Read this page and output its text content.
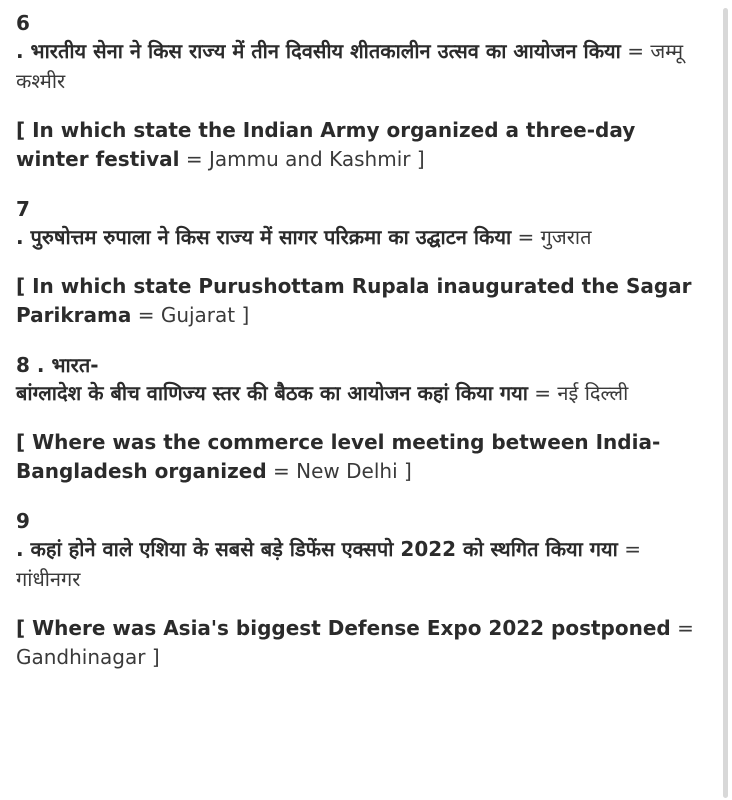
6
. भारतीय सेना ने किस राज्य में तीन दिवसीय शीतकालीन उत्सव का आयोजन किया = जम्मू कश्मीर
[ In which state the Indian Army organized a three-day winter festival = Jammu and Kashmir ]
7
. पुरुषोत्तम रुपाला ने किस राज्य में सागर परिक्रमा का उद्घाटन किया = गुजरात
[ In which state Purushottam Rupala inaugurated the Sagar Parikrama = Gujarat ]
8 . भारत-
बांग्लादेश के बीच वाणिज्य स्तर की बैठक का आयोजन कहां किया गया = नई दिल्ली
[ Where was the commerce level meeting between India-Bangladesh organized = New Delhi ]
9
. कहां होने वाले एशिया के सबसे बड़े डिफेंस एक्सपो 2022 को स्थगित किया गया = गांधीनगर
[ Where was Asia's biggest Defense Expo 2022 postponed = Gandhinagar ]
